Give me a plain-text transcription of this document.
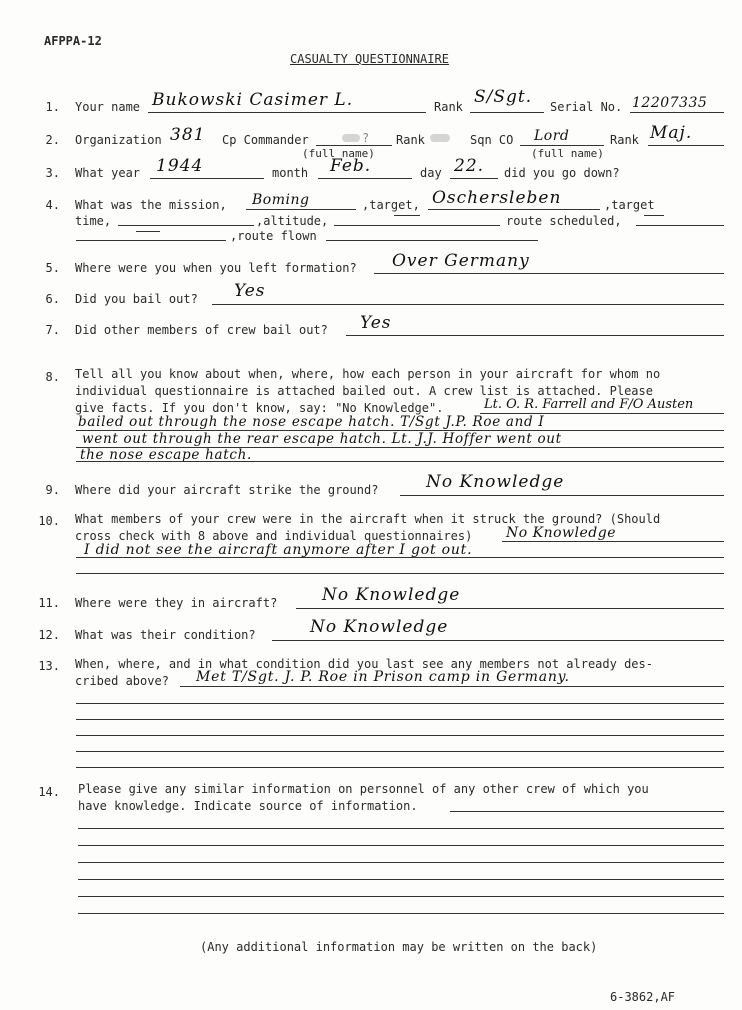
AFPPA-12
CASUALTY QUESTIONNAIRE
1. Your name Bukowski Casimer L.	Rank S/Sgt. Serial No. 12207335
2. Organization 381 Cp Commander	? Rank	Sqn CO Lord	Rank Maj.
(full name)	(full name)
3. What year 1944	month Feb.	day 22. did you go down?
4. What was the mission, Boming	,target, Oschersleben	,target
time,	,altitude,	route scheduled,
,route flown
5. Where were you when you left formation? Over Germany
6. Did you bail out? Yes
7. Did other members of crew bail out? Yes
8. Tell all you know about when, where, how each person in your aircraft for whom no
individual questionnaire is attached bailed out. A crew list is attached. Please
give facts. If you don't know, say: "No Knowledge".	Lt. O. R. Farrell and F/O Austen
bailed out through the nose escape hatch. T/Sgt J.P. Roe and I
went out through the rear escape hatch. Lt. J.J. Hoffer went out
the nose escape hatch.
9. Where did your aircraft strike the ground?	No Knowledge
10. What members of your crew were in the aircraft when it struck the ground? (Should
cross check with 8 above and individual questionnaires) No Knowledge
I did not see the aircraft anymore after I got out.
11. Where were they in aircraft?	No Knowledge
12. What was their condition?	No Knowledge
13. When, where, and in what condition did you last see any members not already des-
cribed above? Met T/Sgt. J. P. Roe in Prison camp in Germany.
14. Please give any similar information on personnel of any other crew of which you
have knowledge. Indicate source of information.
(Any additional information may be written on the back)
6-3862,AF
